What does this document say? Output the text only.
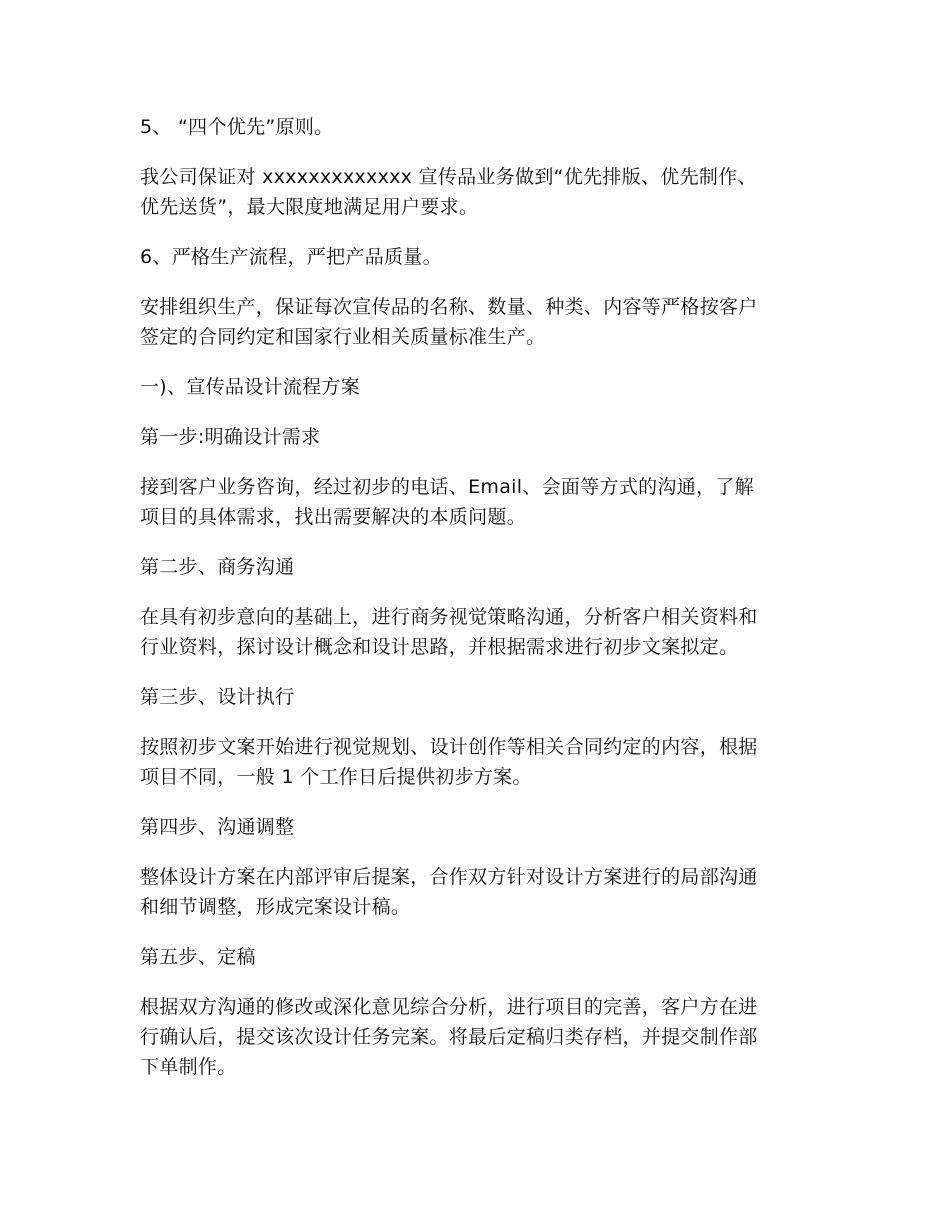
5、 “四个优先”原则。

我公司保证对 xxxxxxxxxxxxx 宣传品业务做到“优先排版、优先制作、
优先送货”，最大限度地满足用户要求。

6、严格生产流程，严把产品质量。

安排组织生产，保证每次宣传品的名称、数量、种类、内容等严格按客户
签定的合同约定和国家行业相关质量标准生产。

一)、宣传品设计流程方案

第一步:明确设计需求

接到客户业务咨询，经过初步的电话、Email、会面等方式的沟通，了解
项目的具体需求，找出需要解决的本质问题。

第二步、商务沟通

在具有初步意向的基础上，进行商务视觉策略沟通，分析客户相关资料和
行业资料，探讨设计概念和设计思路，并根据需求进行初步文案拟定。

第三步、设计执行

按照初步文案开始进行视觉规划、设计创作等相关合同约定的内容，根据
项目不同，一般 1 个工作日后提供初步方案。

第四步、沟通调整

整体设计方案在内部评审后提案，合作双方针对设计方案进行的局部沟通
和细节调整，形成完案设计稿。

第五步、定稿

根据双方沟通的修改或深化意见综合分析，进行项目的完善，客户方在进
行确认后，提交该次设计任务完案。将最后定稿归类存档，并提交制作部
下单制作。
